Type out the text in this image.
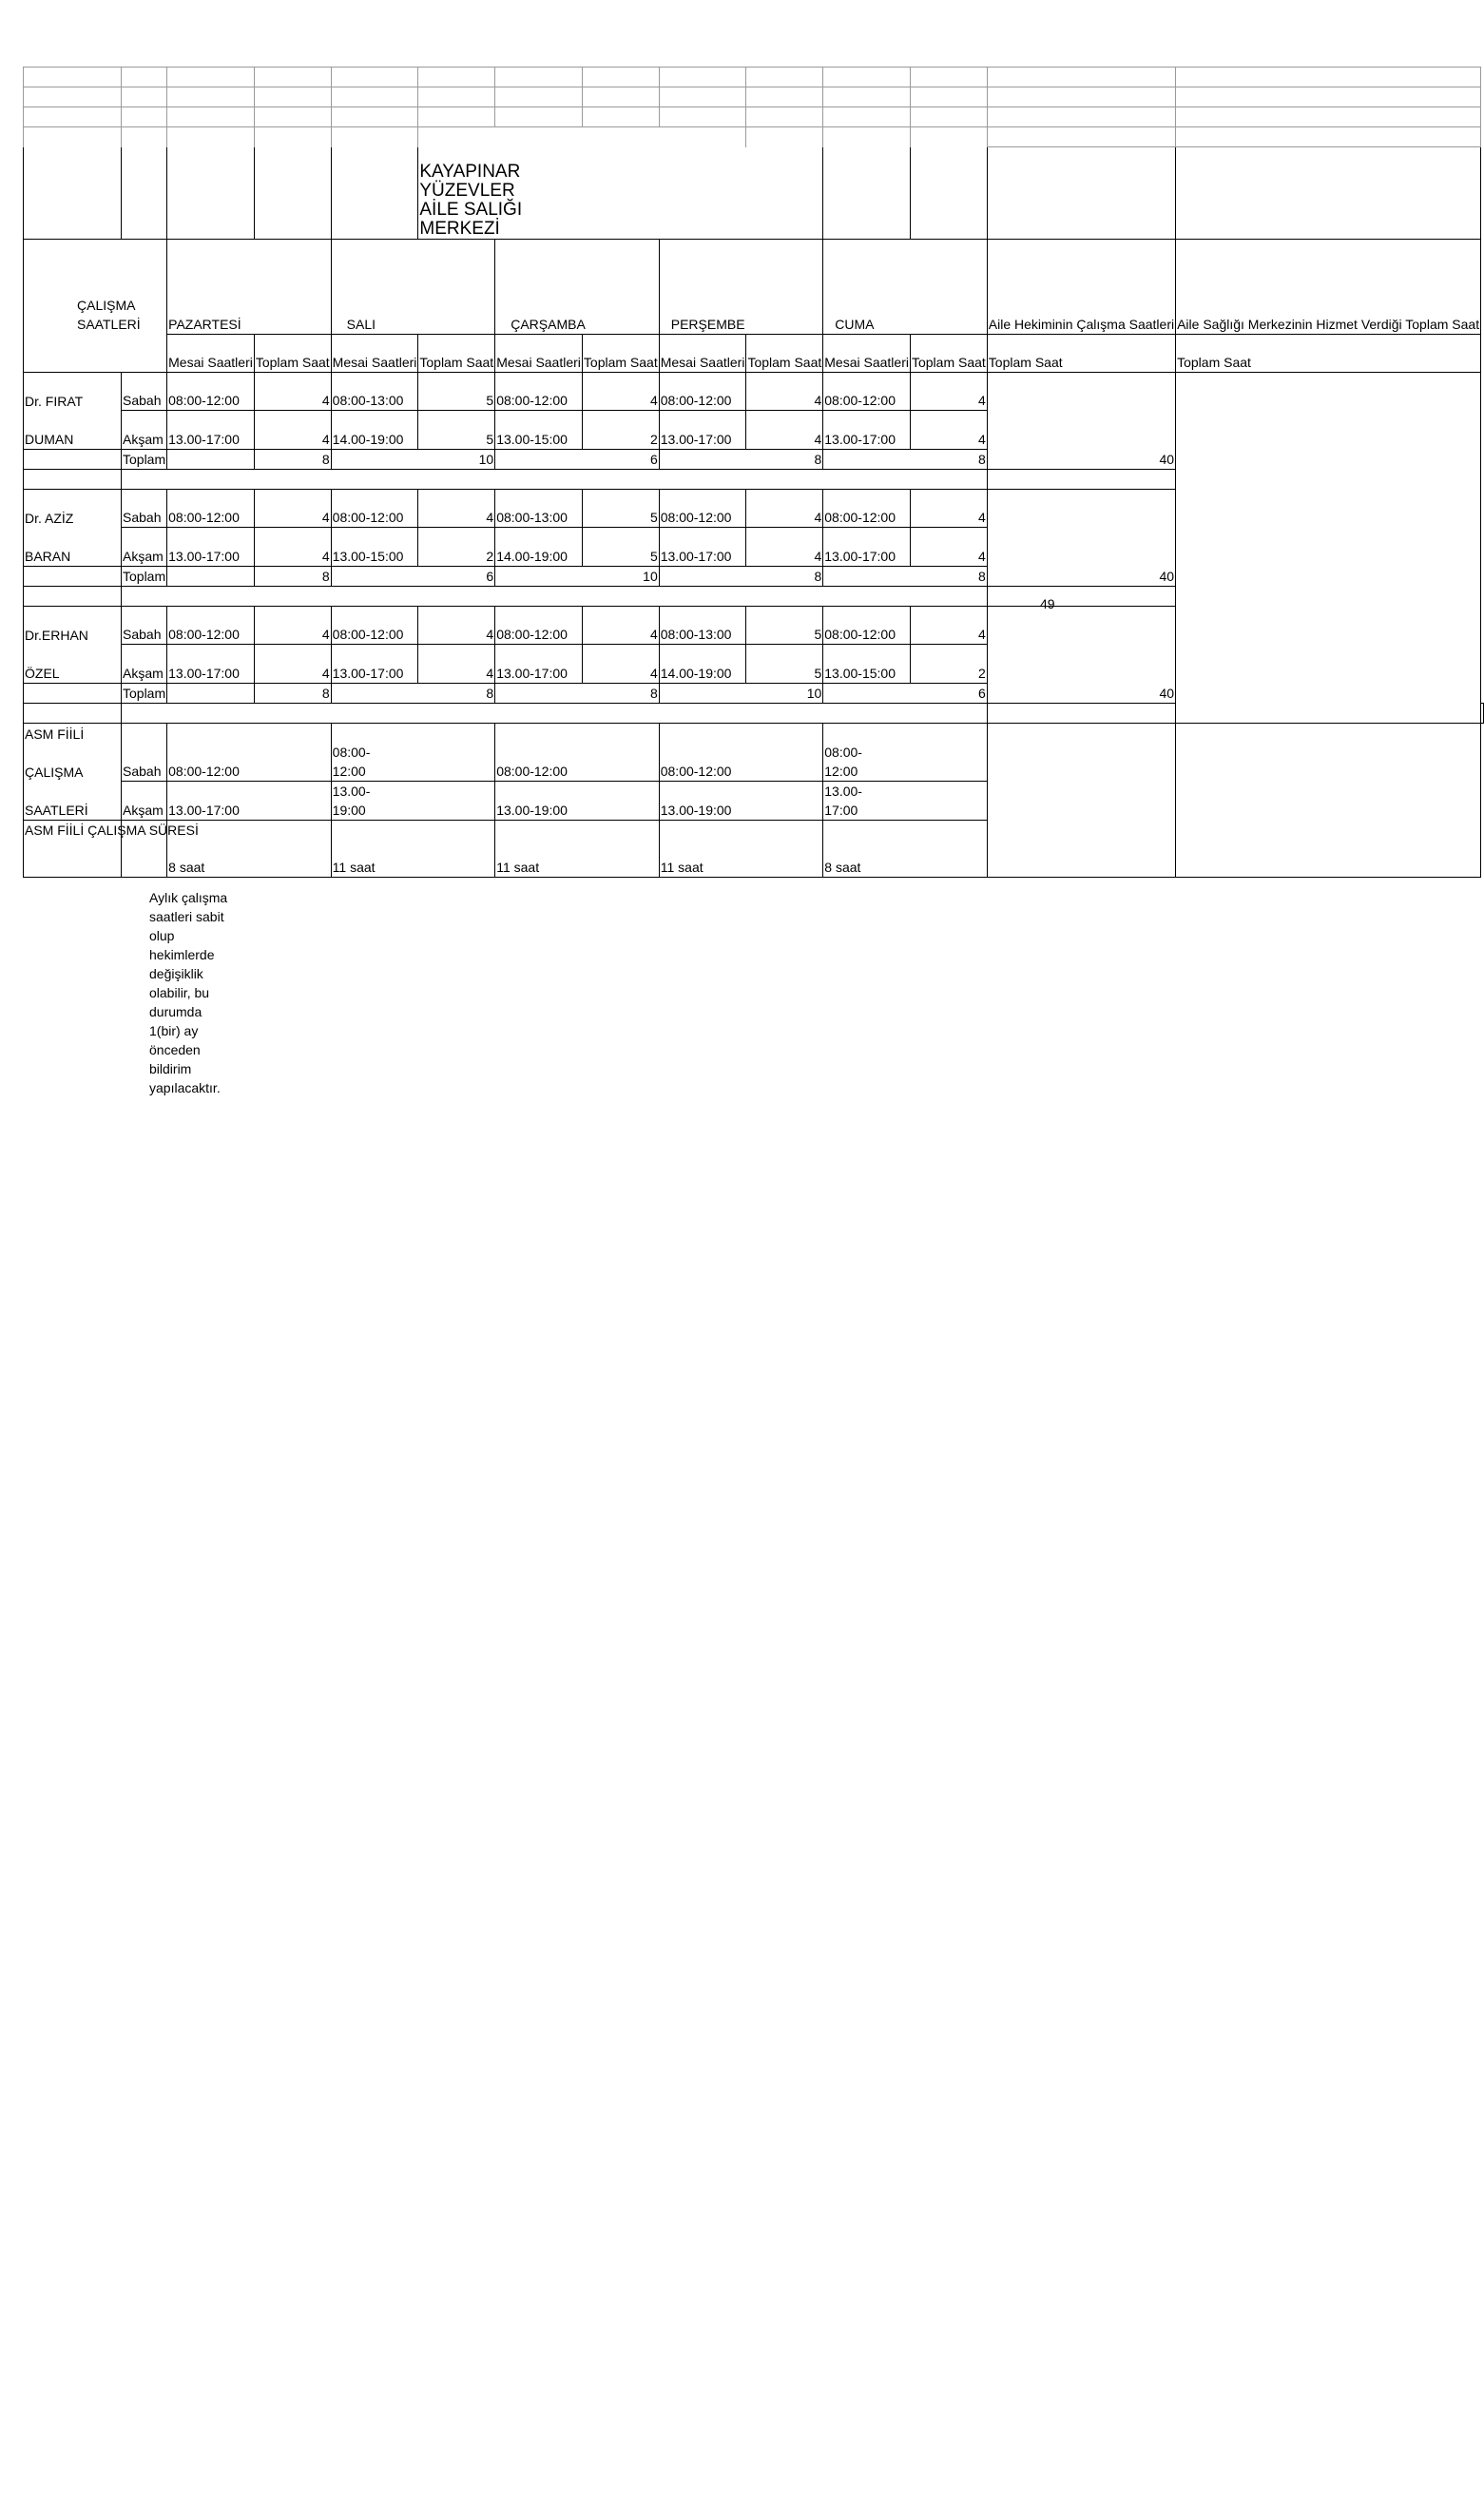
					KAYAPINAR
YÜZEVLER
AİLE SALIĞI
MERKEZİ									

ÇALIŞMA
SAATLERİ		PAZARTESİ		SALI		ÇARŞAMBA		PERŞEMBE		CUMA		Aile Hekiminin Çalışma Saatleri	Aile Sağlığı Merkezinin Hizmet Verdiği Toplam Saat	
		Mesai Saatleri	Toplam Saat	Mesai Saatleri	Toplam Saat	Mesai Saatleri	Toplam Saat	Mesai Saatleri	Toplam Saat	Mesai Saatleri	Toplam Saat	Toplam Saat	Toplam Saat	
Dr. FIRAT	Sabah	08:00-12:00	4	08:00-13:00	5	08:00-12:00	4	08:00-12:00	4	08:00-12:00	4	40		
DUMAN	Akşam	13.00-17:00	4	14.00-19:00	5	13.00-15:00	2	13.00-17:00	4	13.00-17:00	4			
	Toplam		8		10		6		8		8			

Dr. AZİZ	Sabah	08:00-12:00	4	08:00-12:00	4	08:00-13:00	5	08:00-12:00	4	08:00-12:00	4	40		
BARAN	Akşam	13.00-17:00	4	13.00-15:00	2	14.00-19:00	5	13.00-17:00	4	13.00-17:00	4			
	Toplam		8		6		10		8		8			

Dr.ERHAN	Sabah	08:00-12:00	4	08:00-12:00	4	08:00-12:00	4	08:00-13:00	5	08:00-12:00	4	40		
ÖZEL	Akşam	13.00-17:00	4	13.00-17:00	4	13.00-17:00	4	14.00-19:00	5	13.00-15:00	2			
	Toplam		8		8		8		10		6			

ASM FİİLİ

ÇALIŞMA

SAATLERİ	Sabah	08:00-12:00		08:00-12:00		08:00-12:00		08:00-12:00		08:00-12:00				

	Akşam	13.00-17:00		13.00-19:00		13.00-19:00		13.00-19:00		13.00-17:00				

ASM FİİLİ ÇALIŞMA SÜRESİ		8 saat		11 saat		11 saat		11 saat		8 saat				
49
Aylık çalışma saatleri sabit olup hekimlerde değişiklik olabilir, bu durumda 1(bir) ay önceden bildirim yapılacaktır.
